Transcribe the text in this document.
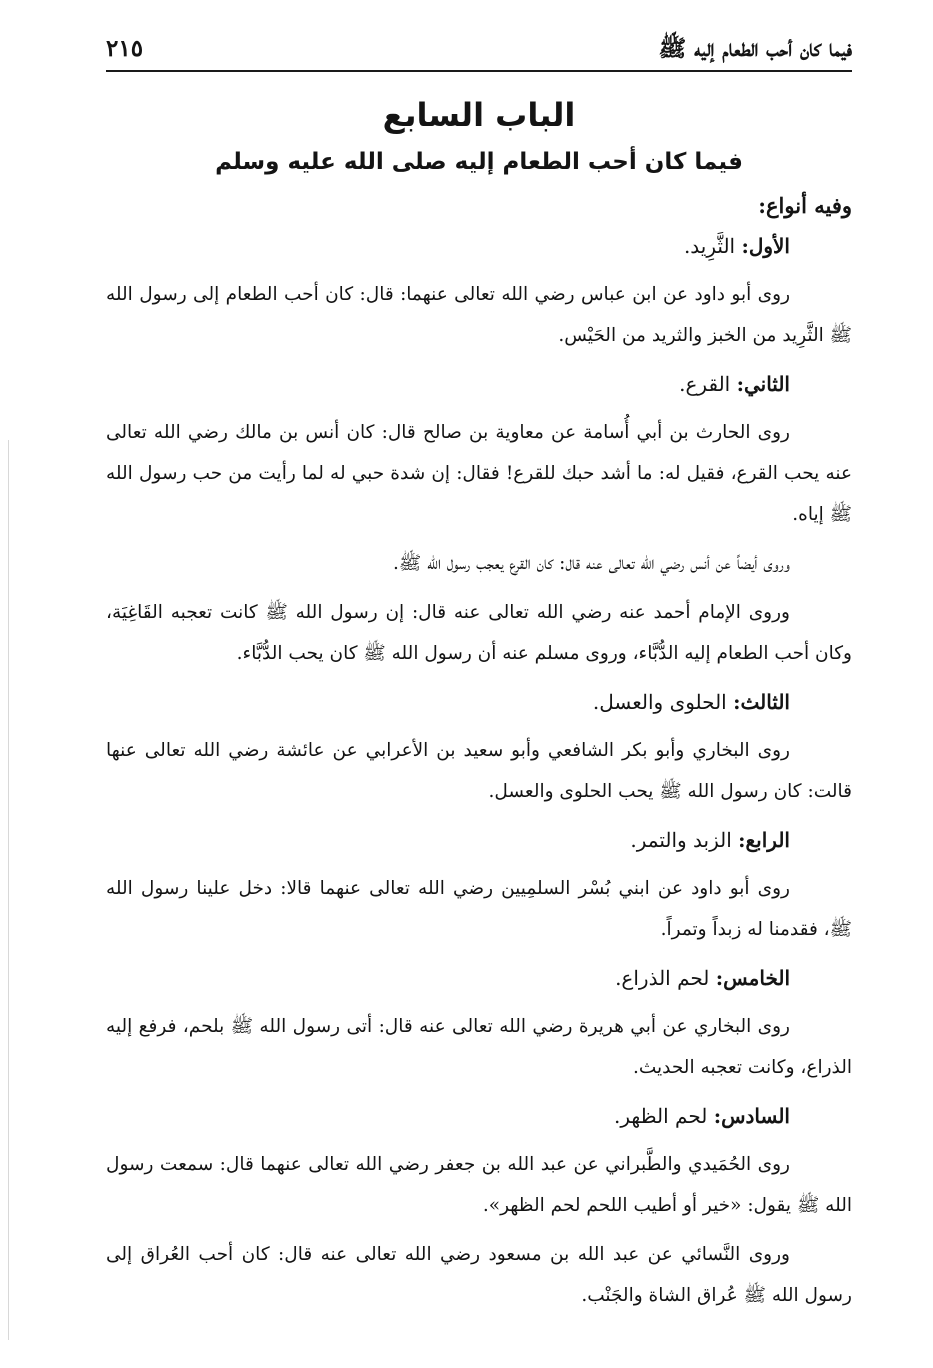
فيما كان أحب الطعام إليه ﷺ
٢١٥
الباب السابع
فيما كان أحب الطعام إليه صلى الله عليه وسلم
وفيه أنواع:
الأول: الثَّرِيد.

روى أبو داود عن ابن عباس رضي الله تعالى عنهما: قال: كان أحب الطعام إلى رسول الله ﷺ الثَّرِيد من الخبز والثريد من الحَيْس.

الثاني: القرع.

روى الحارث بن أبي أُسامة عن معاوية بن صالح قال: كان أنس بن مالك رضي الله تعالى عنه يحب القرع، فقيل له: ما أشد حبك للقرع! فقال: إن شدة حبي له لما رأيت من حب رسول الله ﷺ إياه.

وروى أيضاً عن أنس رضي الله تعالى عنه قال: كان القرع يعجب رسول الله ﷺ.

وروى الإمام أحمد عنه رضي الله تعالى عنه قال: إن رسول الله ﷺ كانت تعجبه القَاغِيَة، وكان أحب الطعام إليه الدُّبَّاء، وروى مسلم عنه أن رسول الله ﷺ كان يحب الدُّبَّاء.

الثالث: الحلوى والعسل.

روى البخاري وأبو بكر الشافعي وأبو سعيد بن الأعرابي عن عائشة رضي الله تعالى عنها قالت: كان رسول الله ﷺ يحب الحلوى والعسل.

الرابع: الزبد والتمر.

روى أبو داود عن ابني بُسْر السلمِيين رضي الله تعالى عنهما قالا: دخل علينا رسول الله ﷺ، فقدمنا له زبداً وتمراً.

الخامس: لحم الذراع.

روى البخاري عن أبي هريرة رضي الله تعالى عنه قال: أتى رسول الله ﷺ بلحم، فرفع إليه الذراع، وكانت تعجبه الحديث.

السادس: لحم الظهر.

روى الحُمَيدي والطَّبراني عن عبد الله بن جعفر رضي الله تعالى عنهما قال: سمعت رسول الله ﷺ يقول: «خير أو أطيب اللحم لحم الظهر».

وروى النَّسائي عن عبد الله بن مسعود رضي الله تعالى عنه قال: كان أحب العُراق إلى رسول الله ﷺ عُراق الشاة والجَنْب.
